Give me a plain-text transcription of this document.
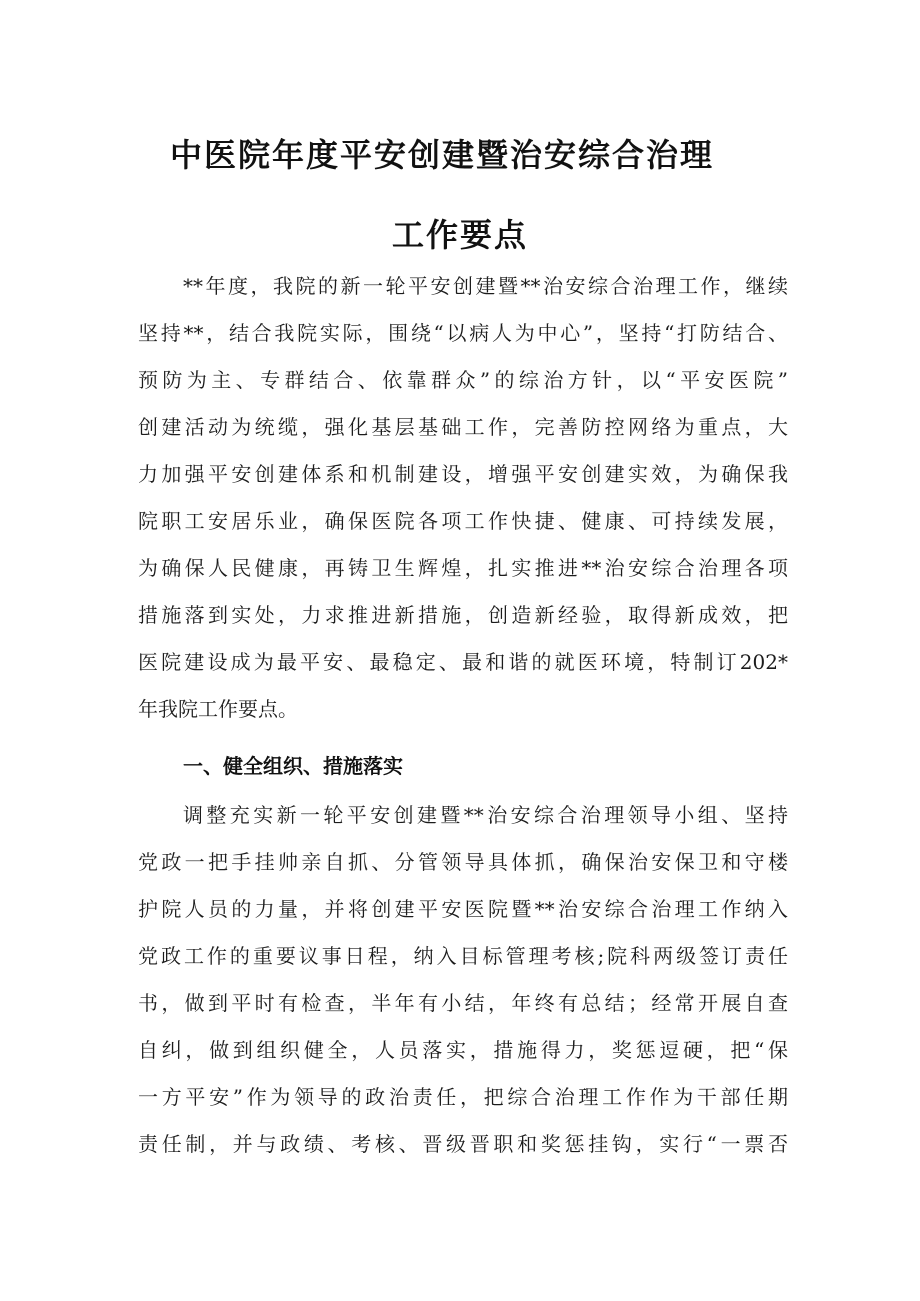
中医院年度平安创建暨治安综合治理
工作要点
**年度，我院的新一轮平安创建暨**治安综合治理工作，继续
坚持**，结合我院实际，围绕“以病人为中心”，坚持“打防结合、
预防为主、专群结合、依靠群众”的综治方针，以“平安医院”
创建活动为统缆，强化基层基础工作，完善防控网络为重点，大
力加强平安创建体系和机制建设，增强平安创建实效，为确保我
院职工安居乐业，确保医院各项工作快捷、健康、可持续发展，
为确保人民健康，再铸卫生辉煌，扎实推进**治安综合治理各项
措施落到实处，力求推进新措施，创造新经验，取得新成效，把
医院建设成为最平安、最稳定、最和谐的就医环境，特制订202*
年我院工作要点。
一、健全组织、措施落实
调整充实新一轮平安创建暨**治安综合治理领导小组、坚持
党政一把手挂帅亲自抓、分管领导具体抓，确保治安保卫和守楼
护院人员的力量，并将创建平安医院暨**治安综合治理工作纳入
党政工作的重要议事日程，纳入目标管理考核;院科两级签订责任
书，做到平时有检查，半年有小结，年终有总结；经常开展自查
自纠，做到组织健全，人员落实，措施得力，奖惩逗硬，把“保
一方平安”作为领导的政治责任，把综合治理工作作为干部任期
责任制，并与政绩、考核、晋级晋职和奖惩挂钩，实行“一票否
